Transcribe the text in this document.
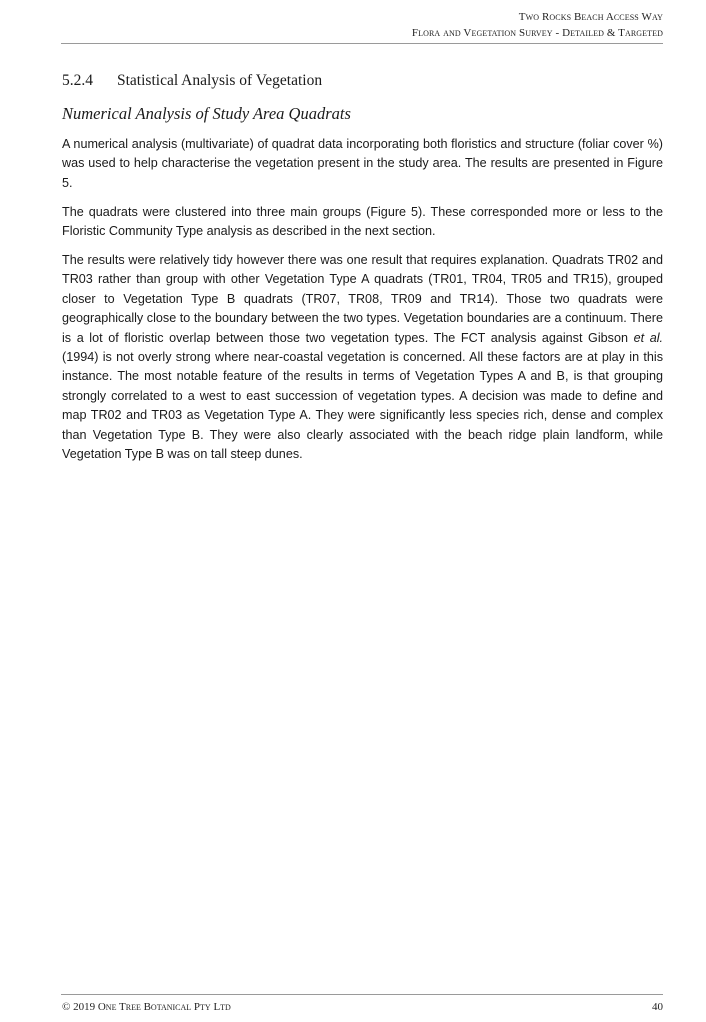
Two Rocks Beach Access Way
Flora and Vegetation Survey - Detailed & Targeted
5.2.4 Statistical Analysis of Vegetation
Numerical Analysis of Study Area Quadrats

A numerical analysis (multivariate) of quadrat data incorporating both floristics and structure (foliar cover %) was used to help characterise the vegetation present in the study area. The results are presented in Figure 5.

The quadrats were clustered into three main groups (Figure 5). These corresponded more or less to the Floristic Community Type analysis as described in the next section.

The results were relatively tidy however there was one result that requires explanation. Quadrats TR02 and TR03 rather than group with other Vegetation Type A quadrats (TR01, TR04, TR05 and TR15), grouped closer to Vegetation Type B quadrats (TR07, TR08, TR09 and TR14). Those two quadrats were geographically close to the boundary between the two types. Vegetation boundaries are a continuum. There is a lot of floristic overlap between those two vegetation types. The FCT analysis against Gibson et al. (1994) is not overly strong where near-coastal vegetation is concerned. All these factors are at play in this instance. The most notable feature of the results in terms of Vegetation Types A and B, is that grouping strongly correlated to a west to east succession of vegetation types. A decision was made to define and map TR02 and TR03 as Vegetation Type A. They were significantly less species rich, dense and complex than Vegetation Type B. They were also clearly associated with the beach ridge plain landform, while Vegetation Type B was on tall steep dunes.

© 2019 One Tree Botanical Pty Ltd	40
